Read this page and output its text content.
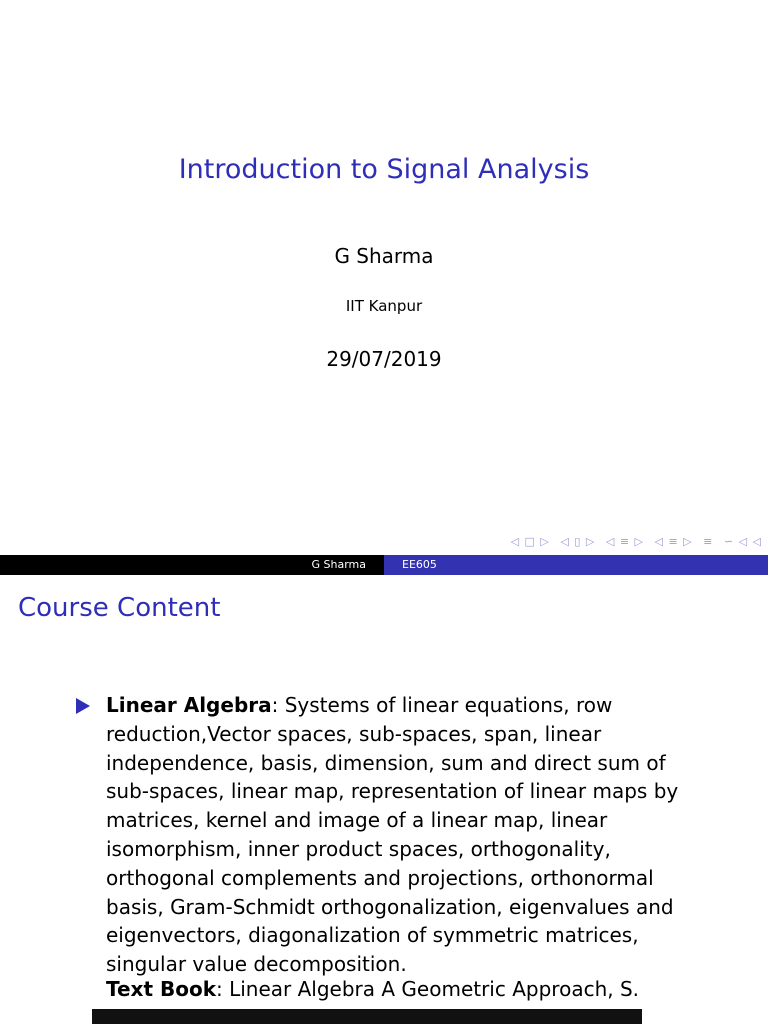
Introduction to Signal Analysis
G Sharma
IIT Kanpur
29/07/2019
◁ □ ▷ ◁ ▯ ▷ ◁ ≡ ▷ ◁ ≡ ▷ ≡ ∽ ◁ ◁
G Sharma	EE605
Course Content
Linear Algebra: Systems of linear equations, row reduction,Vector spaces, sub-spaces, span, linear independence, basis, dimension, sum and direct sum of sub-spaces, linear map, representation of linear maps by matrices, kernel and image of a linear map, linear isomorphism, inner product spaces, orthogonality, orthogonal complements and projections, orthonormal basis, Gram-Schmidt orthogonalization, eigenvalues and eigenvectors, diagonalization of symmetric matrices, singular value decomposition.
Text Book: Linear Algebra A Geometric Approach, S.
